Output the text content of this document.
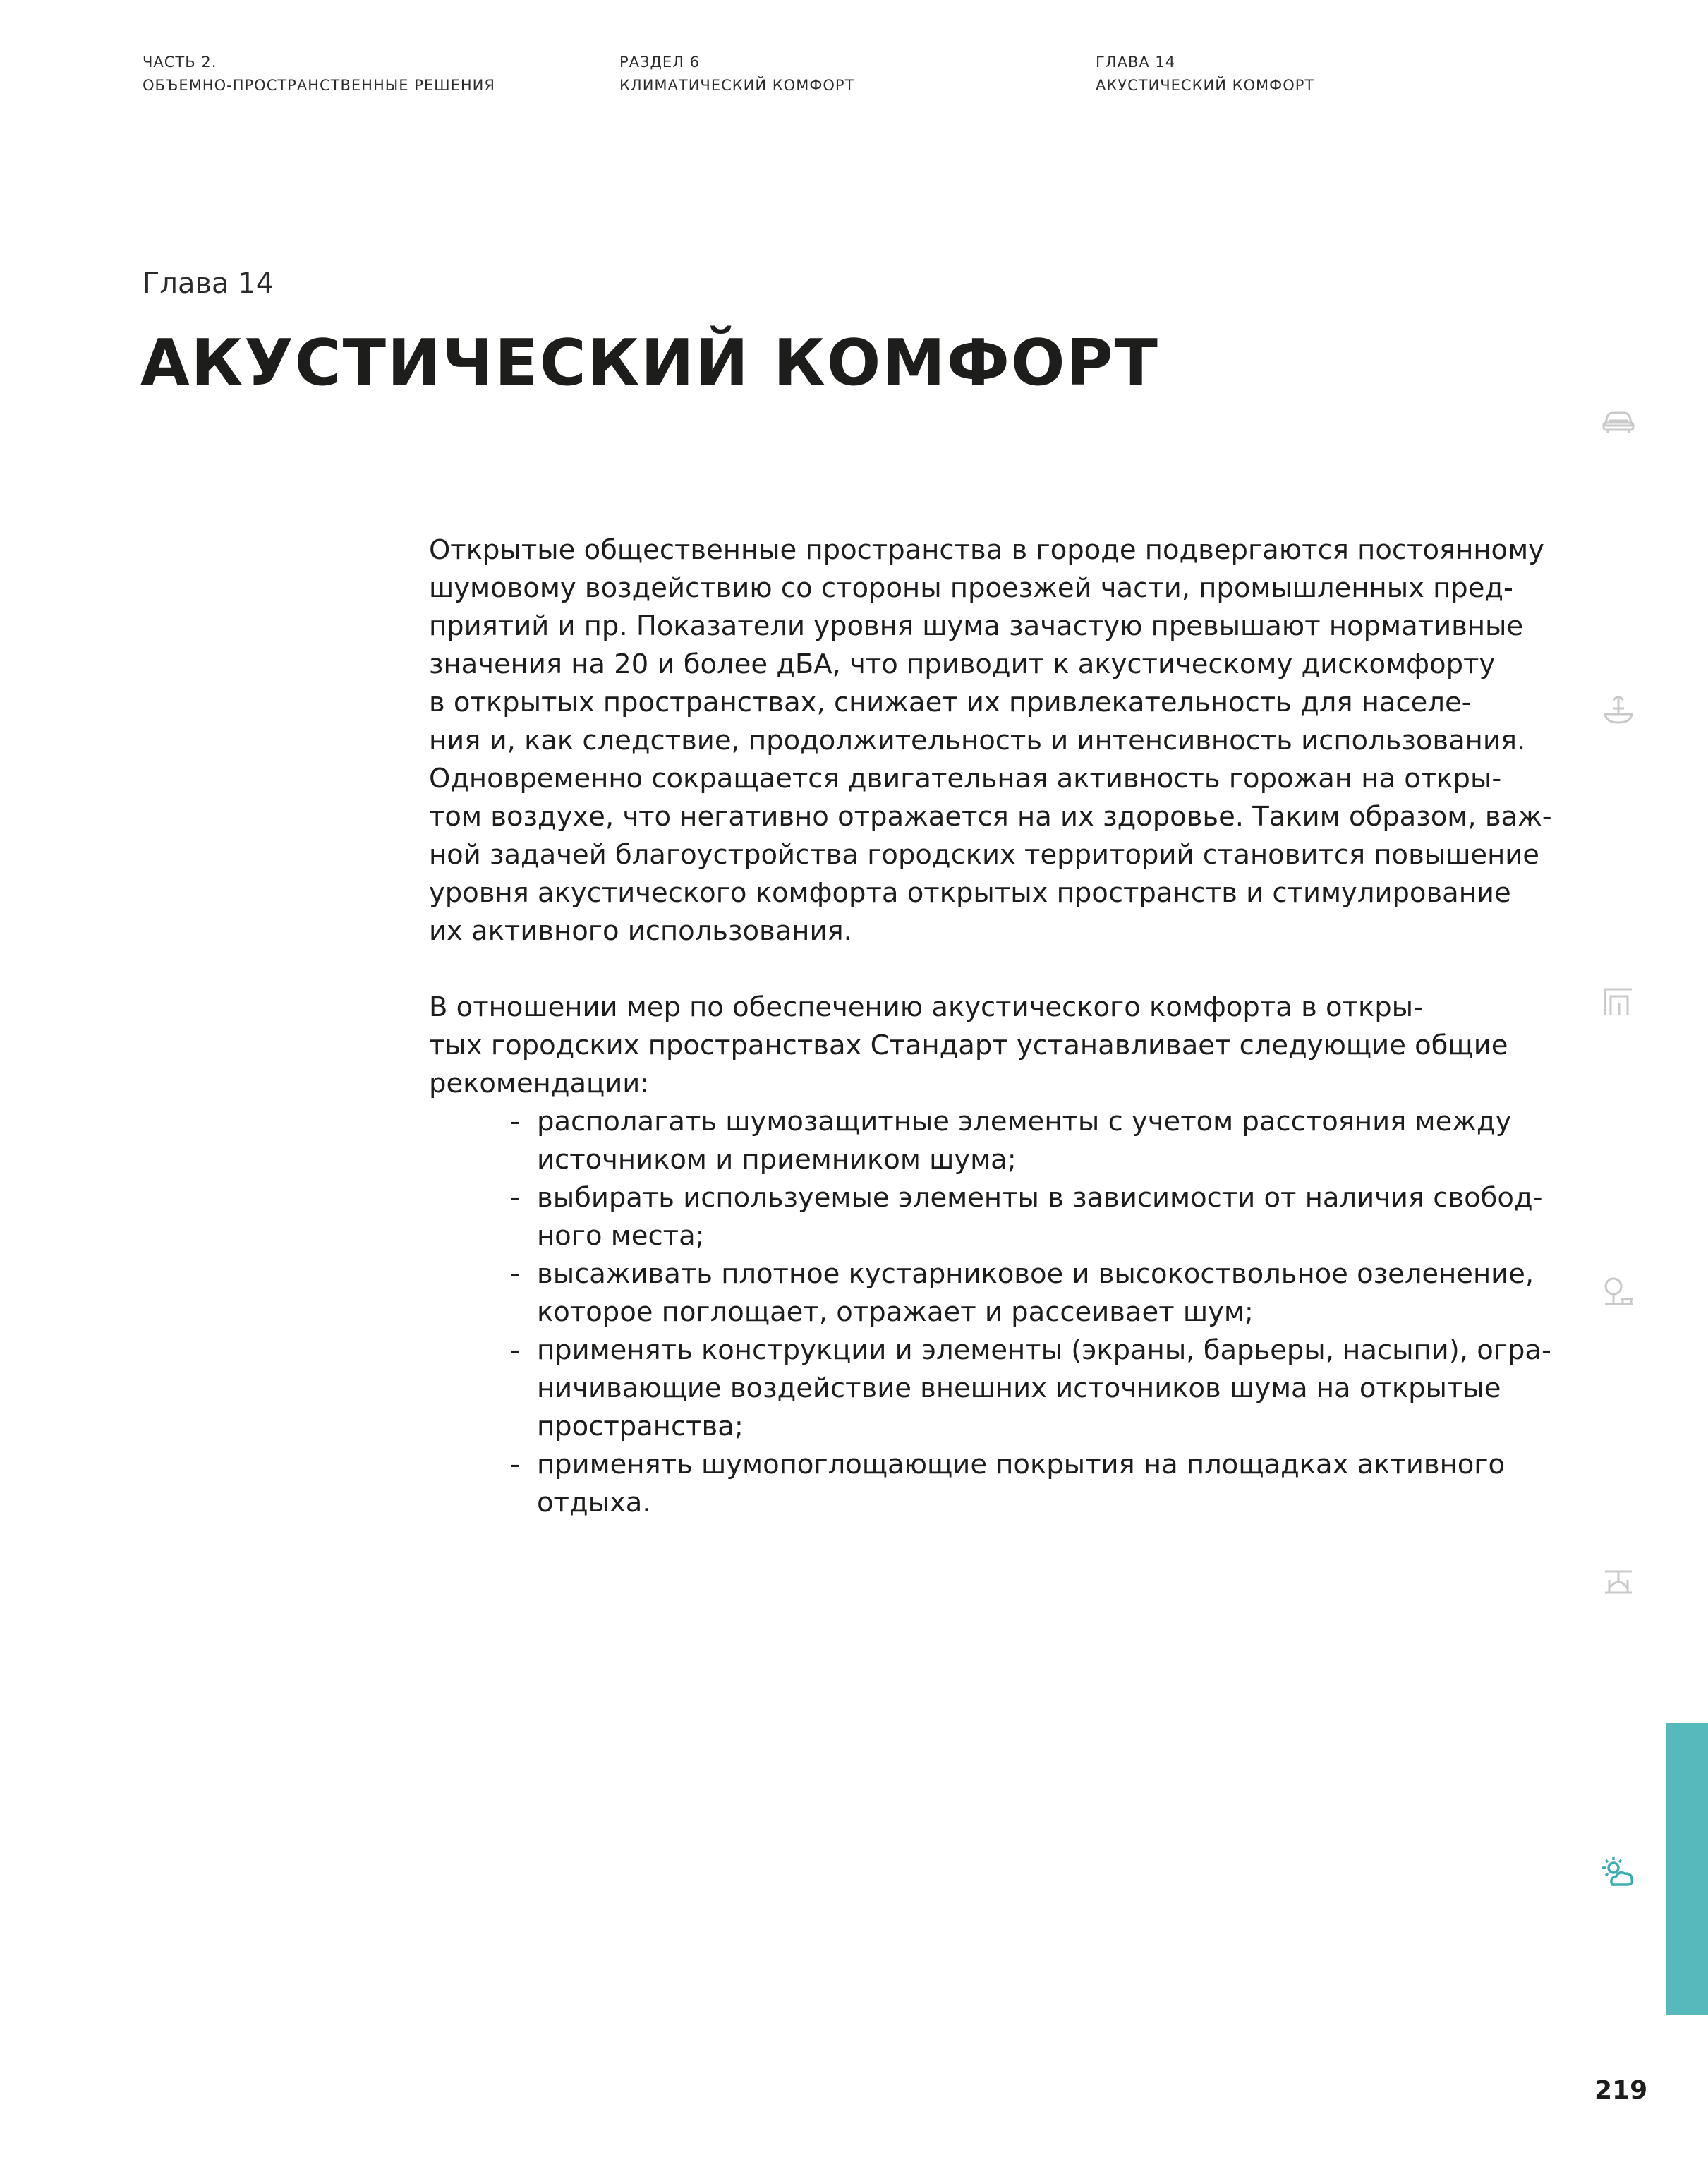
ЧАСТЬ 2.
ОБЪЕМНО-ПРОСТРАНСТВЕННЫЕ РЕШЕНИЯ
РАЗДЕЛ 6
КЛИМАТИЧЕСКИЙ КОМФОРТ
ГЛАВА 14
АКУСТИЧЕСКИЙ КОМФОРТ
Глава 14
АКУСТИЧЕСКИЙ КОМФОРТ
Открытые общественные пространства в городе подвергаются постоянному
шумовому воздействию со стороны проезжей части, промышленных пред-
приятий и пр. Показатели уровня шума зачастую превышают нормативные
значения на 20 и более дБА, что приводит к акустическому дискомфорту
в открытых пространствах, снижает их привлекательность для населе-
ния и, как следствие, продолжительность и интенсивность использования.
Одновременно сокращается двигательная активность горожан на откры-
том воздухе, что негативно отражается на их здоровье. Таким образом, важ-
ной задачей благоустройства городских территорий становится повышение
уровня акустического комфорта открытых пространств и стимулирование
их активного использования.
В отношении мер по обеспечению акустического комфорта в откры-
тых городских пространствах Стандарт устанавливает следующие общие
рекомендации:
- располагать шумозащитные элементы с учетом расстояния между
источником и приемником шума;
- выбирать используемые элементы в зависимости от наличия свобод-
ного места;
- высаживать плотное кустарниковое и высокоствольное озеленение,
которое поглощает, отражает и рассеивает шум;
- применять конструкции и элементы (экраны, барьеры, насыпи), огра-
ничивающие воздействие внешних источников шума на открытые
пространства;
- применять шумопоглощающие покрытия на площадках активного
отдыха.
219
